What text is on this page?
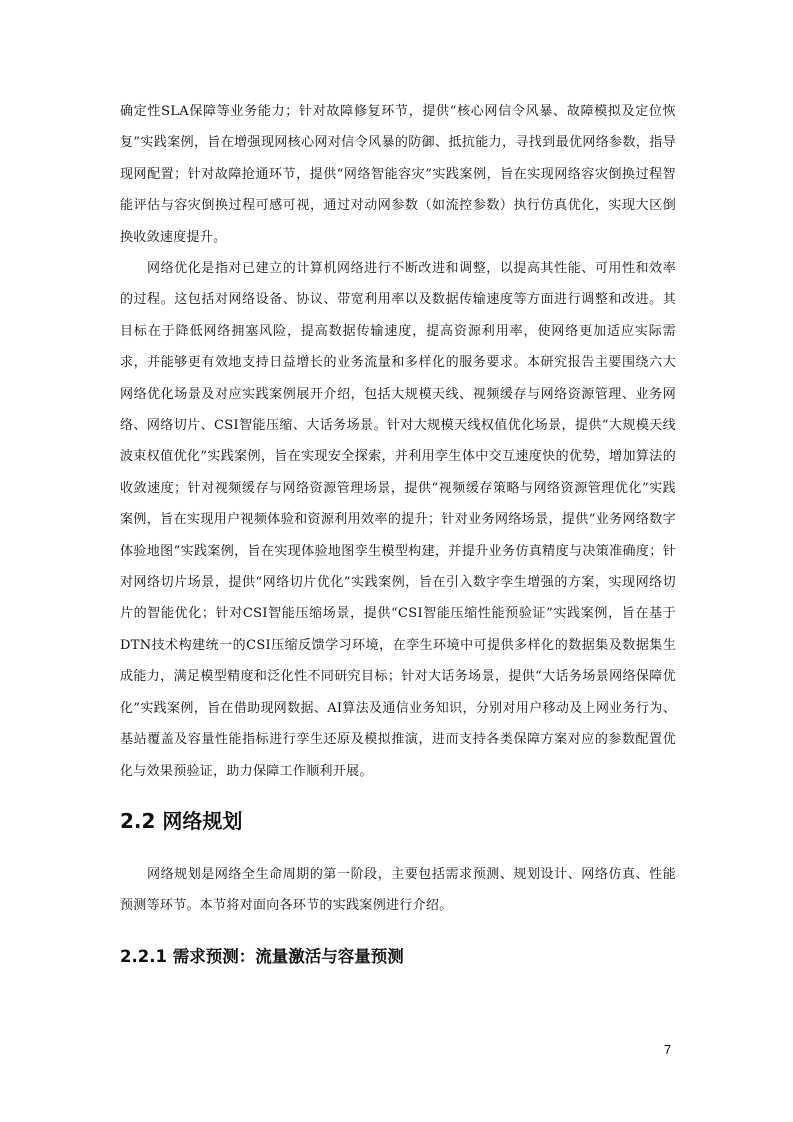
确定性SLA保障等业务能力；针对故障修复环节，提供“核心网信令风暴、故障模拟及定位恢复”实践案例，旨在增强现网核心网对信令风暴的防御、抵抗能力，寻找到最优网络参数，指导现网配置；针对故障抢通环节，提供“网络智能容灾”实践案例，旨在实现网络容灾倒换过程智能评估与容灾倒换过程可感可视，通过对动网参数（如流控参数）执行仿真优化，实现大区倒换收敛速度提升。

网络优化是指对已建立的计算机网络进行不断改进和调整，以提高其性能、可用性和效率的过程。这包括对网络设备、协议、带宽利用率以及数据传输速度等方面进行调整和改进。其目标在于降低网络拥塞风险，提高数据传输速度，提高资源利用率，使网络更加适应实际需求，并能够更有效地支持日益增长的业务流量和多样化的服务要求。本研究报告主要围绕六大网络优化场景及对应实践案例展开介绍，包括大规模天线、视频缓存与网络资源管理、业务网络、网络切片、CSI智能压缩、大话务场景。针对大规模天线权值优化场景，提供“大规模天线波束权值优化”实践案例，旨在实现安全探索，并利用孪生体中交互速度快的优势，增加算法的收敛速度；针对视频缓存与网络资源管理场景，提供“视频缓存策略与网络资源管理优化”实践案例，旨在实现用户视频体验和资源利用效率的提升；针对业务网络场景，提供“业务网络数字体验地图”实践案例，旨在实现体验地图孪生模型构建，并提升业务仿真精度与决策准确度；针对网络切片场景，提供“网络切片优化”实践案例，旨在引入数字孪生增强的方案，实现网络切片的智能优化；针对CSI智能压缩场景，提供“CSI智能压缩性能预验证”实践案例，旨在基于DTN技术构建统一的CSI压缩反馈学习环境，在孪生环境中可提供多样化的数据集及数据集生成能力，满足模型精度和泛化性不同研究目标；针对大话务场景，提供“大话务场景网络保障优化”实践案例，旨在借助现网数据、AI算法及通信业务知识，分别对用户移动及上网业务行为、基站覆盖及容量性能指标进行孪生还原及模拟推演，进而支持各类保障方案对应的参数配置优化与效果预验证，助力保障工作顺利开展。

2.2 网络规划

网络规划是网络全生命周期的第一阶段，主要包括需求预测、规划设计、网络仿真、性能预测等环节。本节将对面向各环节的实践案例进行介绍。

2.2.1 需求预测：流量激活与容量预测
7
